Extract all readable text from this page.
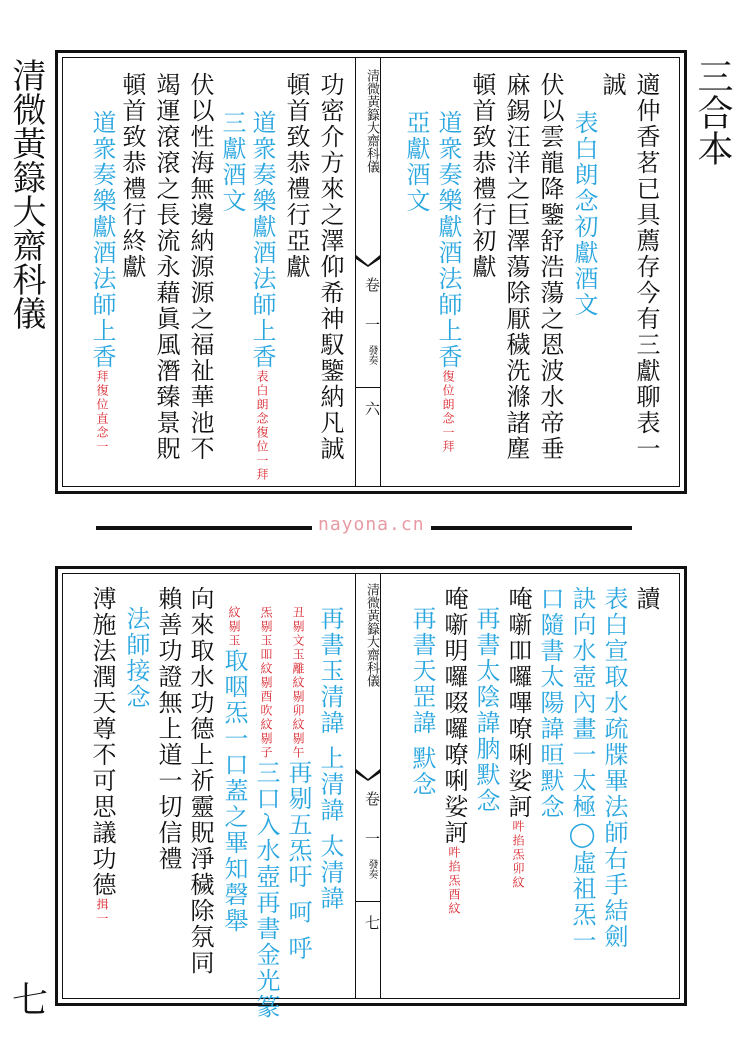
清微黃籙大齋科儀	三合本
七
清微黃籙大齋科儀
卷
一
發奏
六	適仲香茗已具薦存今有三獻聊表一
誠
表白朗念初獻酒文
伏以雲龍降鑒舒浩蕩之恩波水帝垂
麻錫汪洋之巨澤蕩除厭穢洗滌諸塵
頓首致恭禮行初獻
道衆奏樂獻酒法師上香復位朗念一拜
亞獻酒文
功密介方來之澤仰希神馭鑒納凡誠
頓首致恭禮行亞獻
道衆奏樂獻酒法師上香表白朗念復位一拜
三獻酒文
伏以性海無邊納源源之福祉華池不
竭運滾滾之長流永藉眞風潛臻景貺
頓首致恭禮行終獻
道衆奏樂獻酒法師上香拜復位直念一
nayona.cn
清微黃籙大齋科儀
卷
一
發奏
七
讀
表白宣取水疏牒畢法師右手結劍
訣向水壺內畫一太極◯虛祖炁一
口隨書太陽諱晅默念
唵噺吅囉嗶嘹唎娑訶吽掐炁卯紋
再書太陰諱朒默念
唵噺明囉啜囉嘹唎娑訶吽掐炁酉紋
再書天罡諱 默念
再書玉清諱 上清諱 太清諱
丑剔文玉離紋剔卯紋剔午再剔五炁吁 呵 呼
炁剔玉吅紋剔酉吹紋剔子三口入水壺再書金光篆
紋剔玉取咽炁一口蓋之畢知磬舉
向來取水功德上祈靈貺淨穢除氛同
賴善功證無上道一切信禮
法師接念
溥施法潤天尊不可思議功德揖一
